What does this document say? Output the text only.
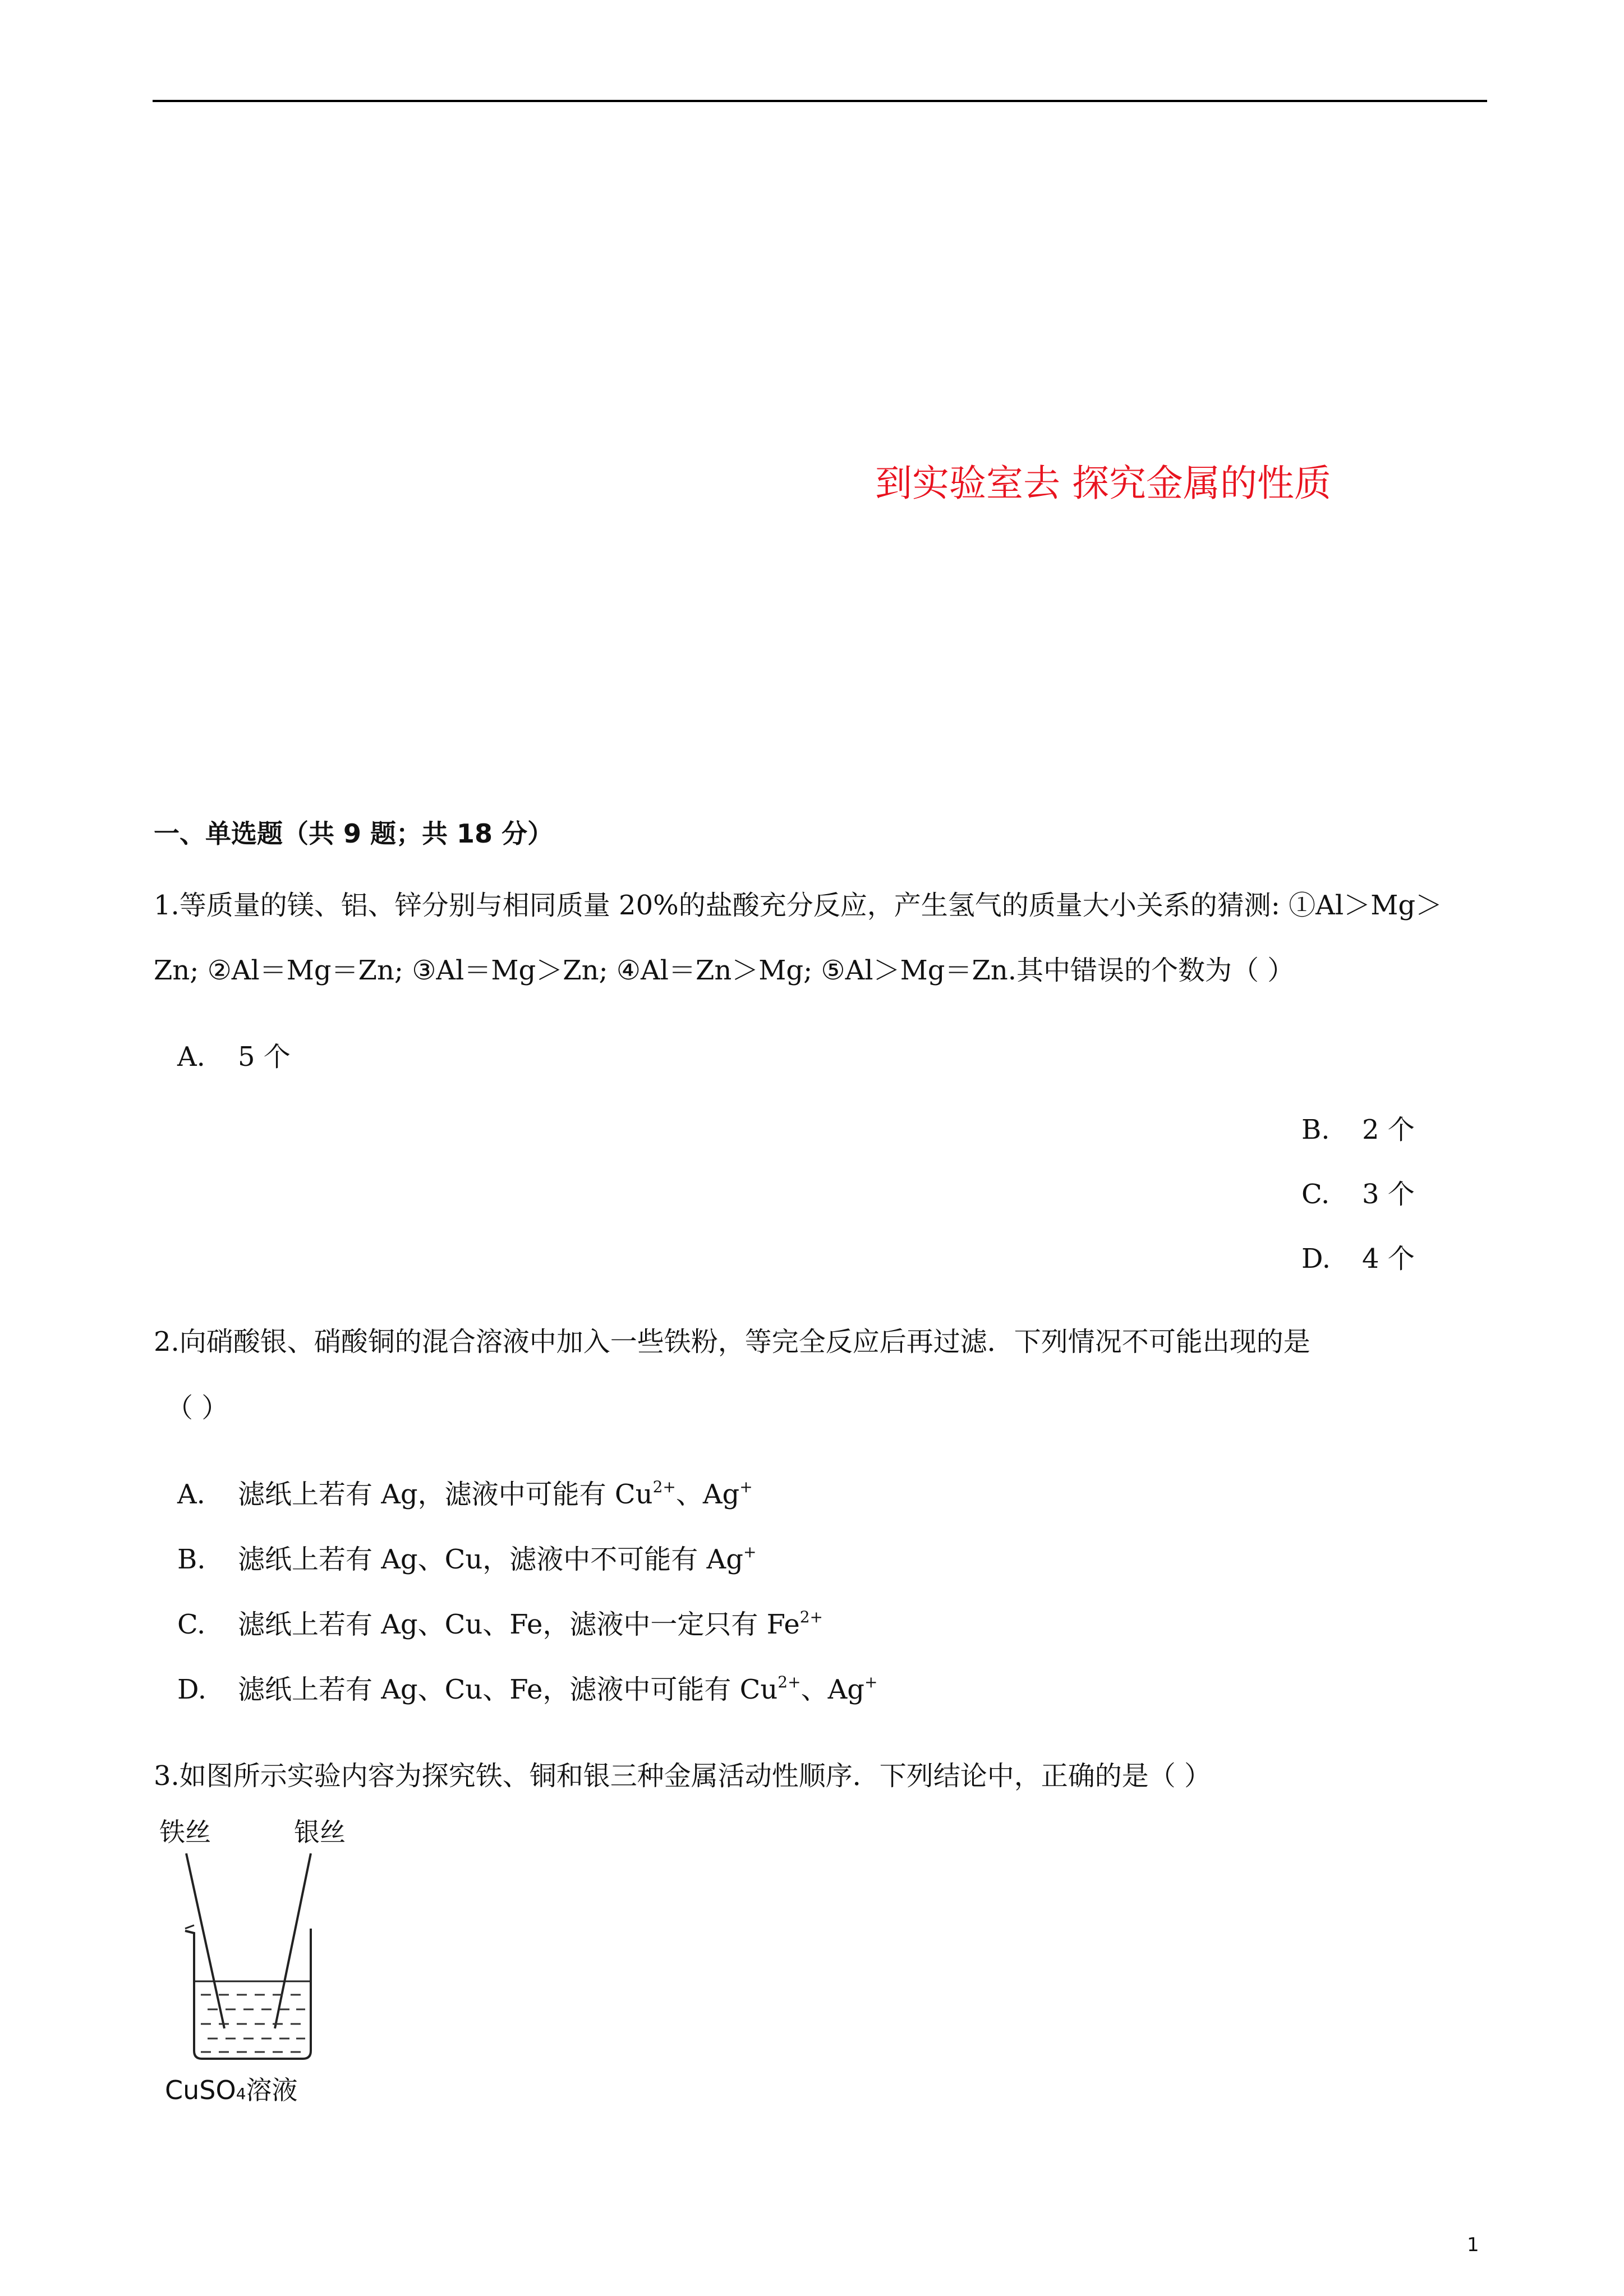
到实验室去 探究金属的性质
一、单选题（共 9 题；共 18 分）
1.等质量的镁、铝、锌分别与相同质量 20%的盐酸充分反应，产生氢气的质量大小关系的猜测: ①Al＞Mg＞
Zn; ②Al＝Mg＝Zn; ③Al＝Mg＞Zn; ④Al＝Zn＞Mg; ⑤Al＞Mg＝Zn.其中错误的个数为（ ）
A. 5 个
B. 2 个
C. 3 个
D. 4 个
2.向硝酸银、硝酸铜的混合溶液中加入一些铁粉，等完全反应后再过滤．下列情况不可能出现的是
（ ）
A. 滤纸上若有 Ag，滤液中可能有 $Cu^{2+}$、Ag+
B. 滤纸上若有 Ag、Cu，滤液中不可能有 Ag+
C. 滤纸上若有 Ag、Cu、Fe，滤液中一定只有 $Fe^{2+}$
D. 滤纸上若有 Ag、Cu、Fe，滤液中可能有 $Cu^{2+}$、Ag+
3.如图所示实验内容为探究铁、铜和银三种金属活动性顺序．下列结论中，正确的是（ ）
铁丝	银丝
CuSO4溶液
1
